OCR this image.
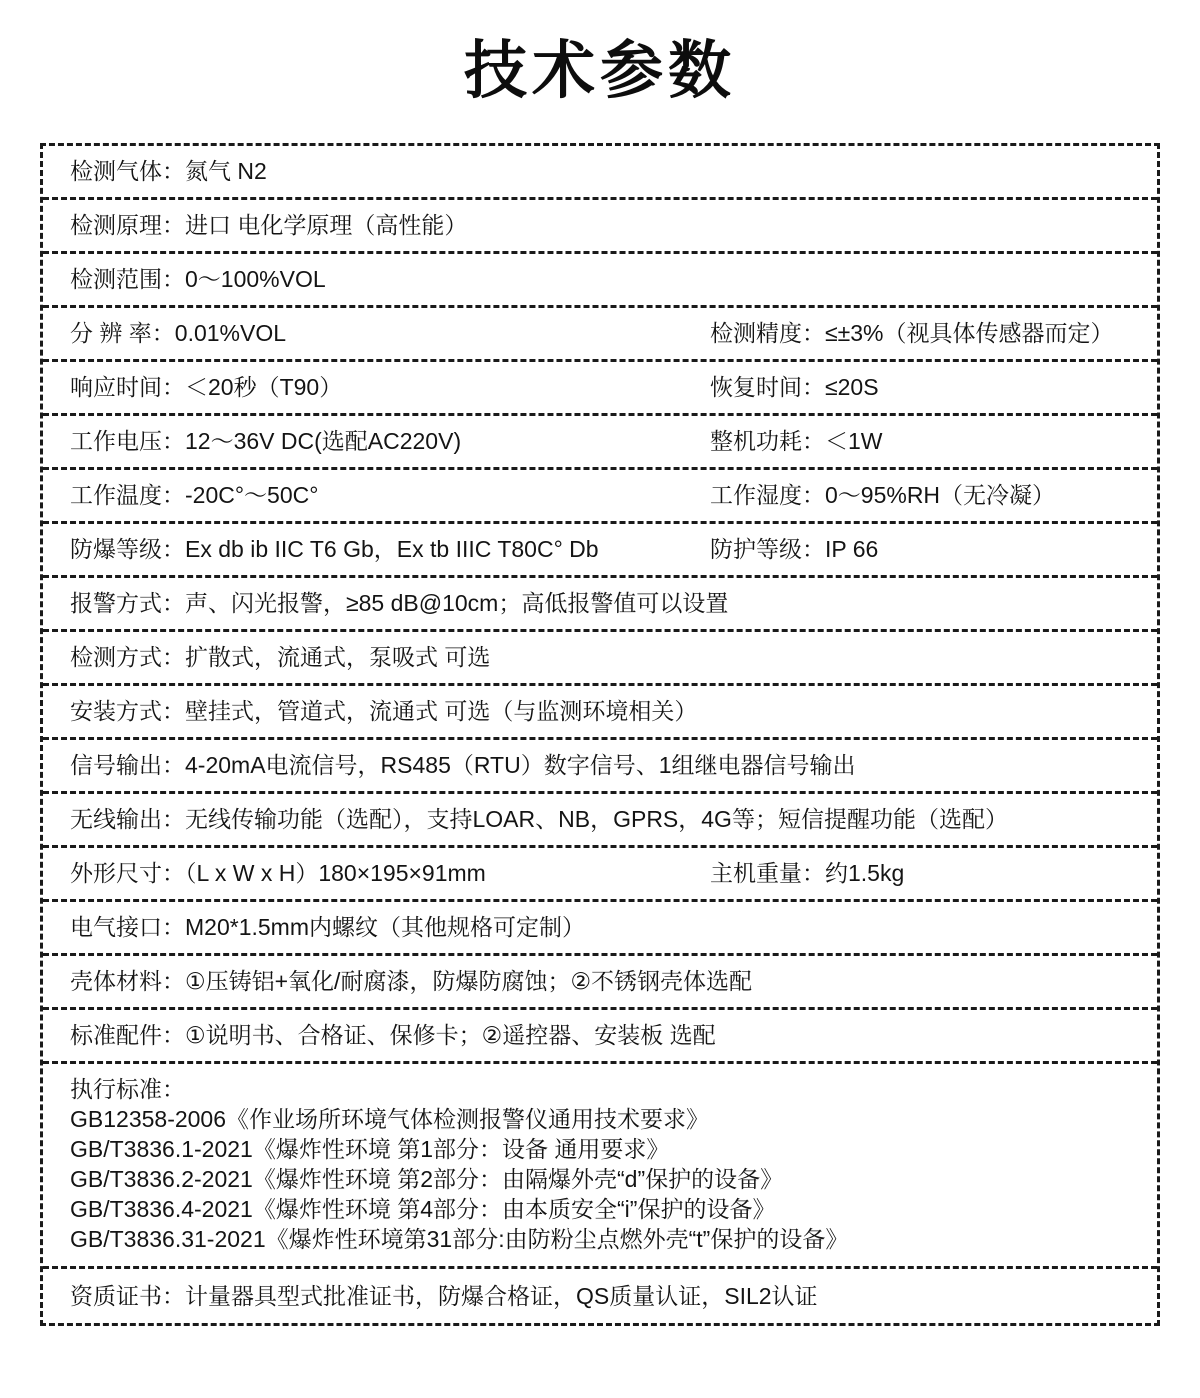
技术参数
检测气体：氮气 N2
检测原理：进口 电化学原理（高性能）
检测范围：0～100%VOL
分 辨 率：0.01%VOL	检测精度：≤±3%（视具体传感器而定）
响应时间：＜20秒（T90）	恢复时间：≤20S
工作电压：12～36V DC(选配AC220V)	整机功耗：＜1W
工作温度：-20C°～50C°	工作湿度：0～95%RH（无冷凝）
防爆等级：Ex db ib IIC T6 Gb，Ex tb IIIC T80C° Db	防护等级：IP 66
报警方式：声、闪光报警，≥85 dB@10cm；高低报警值可以设置
检测方式：扩散式，流通式，泵吸式 可选
安装方式：壁挂式，管道式，流通式 可选（与监测环境相关）
信号输出：4-20mA电流信号，RS485（RTU）数字信号、1组继电器信号输出
无线输出：无线传输功能（选配），支持LOAR、NB，GPRS，4G等；短信提醒功能（选配）
外形尺寸：（L x W x H）180×195×91mm	主机重量：约1.5kg
电气接口：M20*1.5mm内螺纹（其他规格可定制）
壳体材料：①压铸铝+氧化/耐腐漆，防爆防腐蚀；②不锈钢壳体选配
标准配件：①说明书、合格证、保修卡；②遥控器、安装板 选配
执行标准：
GB12358-2006《作业场所环境气体检测报警仪通用技术要求》
GB/T3836.1-2021《爆炸性环境 第1部分：设备 通用要求》
GB/T3836.2-2021《爆炸性环境 第2部分：由隔爆外壳“d”保护的设备》
GB/T3836.4-2021《爆炸性环境 第4部分：由本质安全“i”保护的设备》
GB/T3836.31-2021《爆炸性环境第31部分:由防粉尘点燃外壳“t”保护的设备》
资质证书：计量器具型式批准证书，防爆合格证，QS质量认证，SIL2认证
